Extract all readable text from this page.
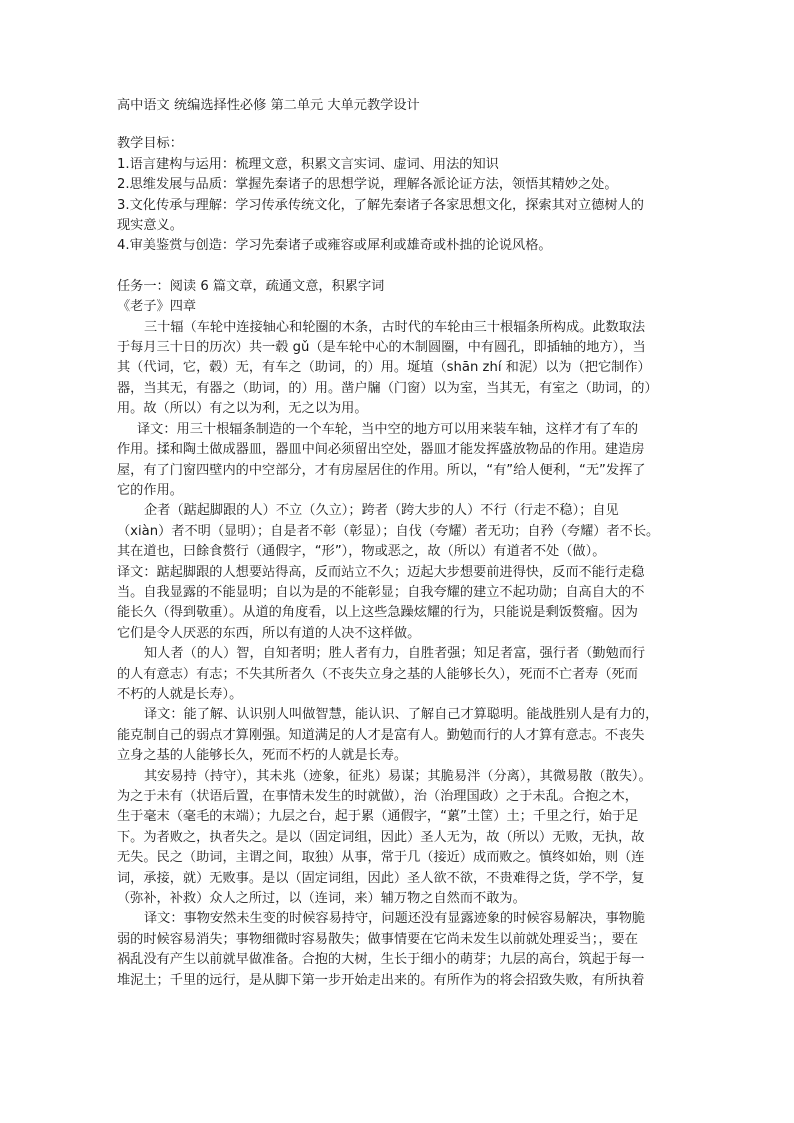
高中语文 统编选择性必修 第二单元 大单元教学设计
教学目标：
1.语言建构与运用：梳理文意，积累文言实词、虚词、用法的知识
2.思维发展与品质：掌握先秦诸子的思想学说，理解各派论证方法，领悟其精妙之处。
3.文化传承与理解：学习传承传统文化，了解先秦诸子各家思想文化，探索其对立德树人的
现实意义。
4.审美鉴赏与创造：学习先秦诸子或雍容或犀利或雄奇或朴拙的论说风格。
任务一：阅读 6 篇文章，疏通文意，积累字词
《老子》四章
三十辐（车轮中连接轴心和轮圈的木条，古时代的车轮由三十根辐条所构成。此数取法
于每月三十日的历次）共一毂 gǔ（是车轮中心的木制圆圈，中有圆孔，即插轴的地方），当
其（代词，它，毂）无，有车之（助词，的）用。埏埴（shān zhí 和泥）以为（把它制作）
器，当其无，有器之（助词，的）用。凿户牖（门窗）以为室，当其无，有室之（助词，的）
用。故（所以）有之以为利，无之以为用。
译文：用三十根辐条制造的一个车轮，当中空的地方可以用来装车轴，这样才有了车的
作用。揉和陶土做成器皿，器皿中间必须留出空处，器皿才能发挥盛放物品的作用。建造房
屋，有了门窗四壁内的中空部分，才有房屋居住的作用。所以，“有”给人便利，“无”发挥了
它的作用。
企者（踮起脚跟的人）不立（久立）；跨者（跨大步的人）不行（行走不稳）；自见
（xiàn）者不明（显明）；自是者不彰（彰显）；自伐（夸耀）者无功；自矜（夸耀）者不长。
其在道也，曰餘食赘行（通假字，“形”），物或恶之，故（所以）有道者不处（做）。
译文：踮起脚跟的人想要站得高，反而站立不久；迈起大步想要前进得快，反而不能行走稳
当。自我显露的不能显明；自以为是的不能彰显；自我夸耀的建立不起功勋；自高自大的不
能长久（得到敬重）。从道的角度看，以上这些急躁炫耀的行为，只能说是剩饭赘瘤。因为
它们是令人厌恶的东西，所以有道的人决不这样做。
知人者（的人）智，自知者明；胜人者有力，自胜者强；知足者富，强行者（勤勉而行
的人有意志）有志；不失其所者久（不丧失立身之基的人能够长久），死而不亡者寿（死而
不朽的人就是长寿）。
译文：能了解、认识别人叫做智慧，能认识、了解自己才算聪明。能战胜别人是有力的，
能克制自己的弱点才算刚强。知道满足的人才是富有人。勤勉而行的人才算有意志。不丧失
立身之基的人能够长久，死而不朽的人就是长寿。
其安易持（持守），其未兆（迹象，征兆）易谋；其脆易泮（分离），其微易散（散失）。
为之于未有（状语后置，在事情未发生的时就做），治（治理国政）之于未乱。合抱之木，
生于毫末（毫毛的末端）；九层之台，起于累（通假字，“蔂”土筐）土；千里之行，始于足
下。为者败之，执者失之。是以（固定词组，因此）圣人无为，故（所以）无败，无执，故
无失。民之（助词，主谓之间，取独）从事，常于几（接近）成而败之。慎终如始，则（连
词，承接，就）无败事。是以（固定词组，因此）圣人欲不欲，不贵难得之货，学不学，复
（弥补，补救）众人之所过，以（连词，来）辅万物之自然而不敢为。
译文：事物安然未生变的时候容易持守，问题还没有显露迹象的时候容易解决，事物脆
弱的时候容易消失；事物细微时容易散失；做事情要在它尚未发生以前就处理妥当；，要在
祸乱没有产生以前就早做准备。合抱的大树，生长于细小的萌芽；九层的高台，筑起于每一
堆泥土；千里的远行，是从脚下第一步开始走出来的。有所作为的将会招致失败，有所执着
